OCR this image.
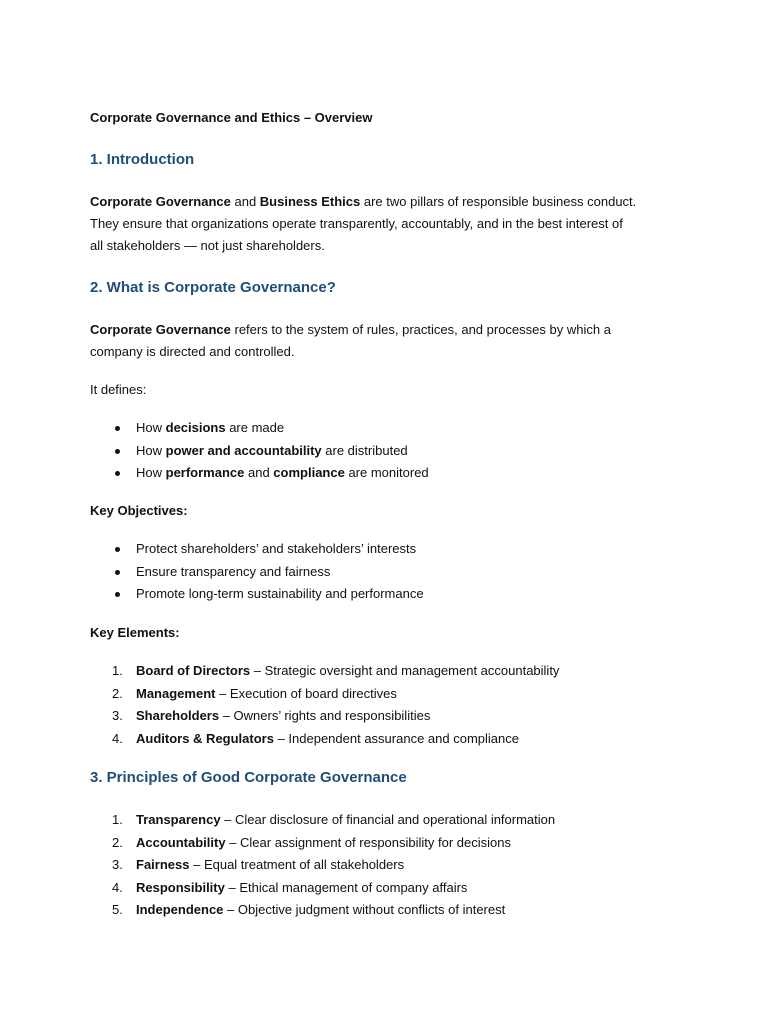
Corporate Governance and Ethics – Overview
1. Introduction
Corporate Governance and Business Ethics are two pillars of responsible business conduct.
They ensure that organizations operate transparently, accountably, and in the best interest of
all stakeholders — not just shareholders.
2. What is Corporate Governance?
Corporate Governance refers to the system of rules, practices, and processes by which a
company is directed and controlled.
It defines:
How decisions are made
How power and accountability are distributed
How performance and compliance are monitored
Key Objectives:
Protect shareholders’ and stakeholders’ interests
Ensure transparency and fairness
Promote long-term sustainability and performance
Key Elements:
1.	Board of Directors – Strategic oversight and management accountability
2.	Management – Execution of board directives
3.	Shareholders – Owners’ rights and responsibilities
4.	Auditors & Regulators – Independent assurance and compliance
3. Principles of Good Corporate Governance
1.	Transparency – Clear disclosure of financial and operational information
2.	Accountability – Clear assignment of responsibility for decisions
3.	Fairness – Equal treatment of all stakeholders
4.	Responsibility – Ethical management of company affairs
5.	Independence – Objective judgment without conflicts of interest
